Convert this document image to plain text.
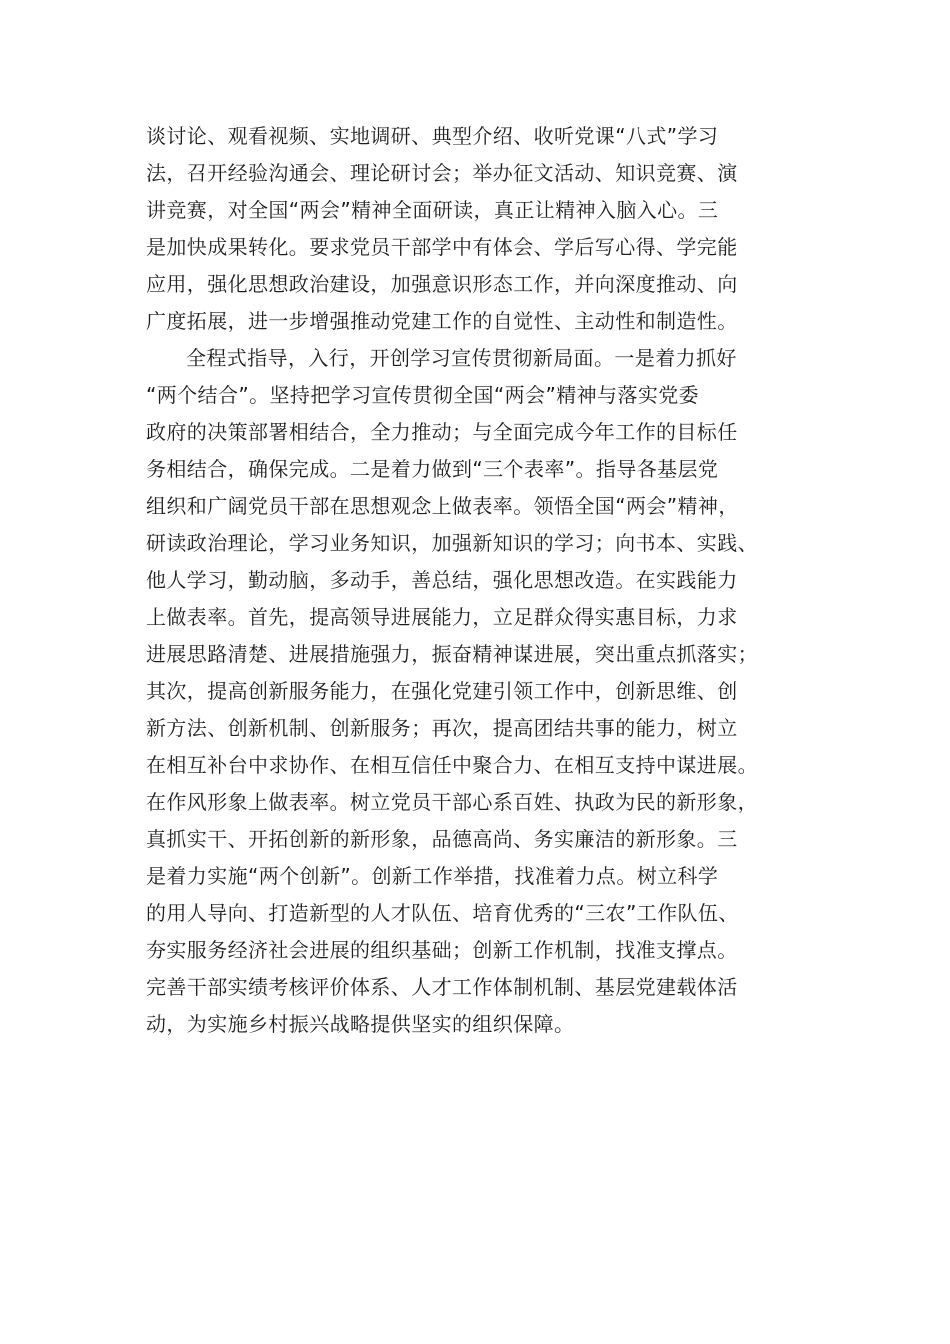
谈讨论、观看视频、实地调研、典型介绍、收听党课“八式”学习
法，召开经验沟通会、理论研讨会；举办征文活动、知识竞赛、演
讲竞赛，对全国“两会”精神全面研读，真正让精神入脑入心。三
是加快成果转化。要求党员干部学中有体会、学后写心得、学完能
应用，强化思想政治建设，加强意识形态工作，并向深度推动、向
广度拓展，进一步增强推动党建工作的自觉性、主动性和制造性。
全程式指导，入行，开创学习宣传贯彻新局面。一是着力抓好
“两个结合”。坚持把学习宣传贯彻全国“两会”精神与落实党委
政府的决策部署相结合，全力推动；与全面完成今年工作的目标任
务相结合，确保完成。二是着力做到“三个表率”。指导各基层党
组织和广阔党员干部在思想观念上做表率。领悟全国“两会”精神，
研读政治理论，学习业务知识，加强新知识的学习；向书本、实践、
他人学习，勤动脑，多动手，善总结，强化思想改造。在实践能力
上做表率。首先，提高领导进展能力，立足群众得实惠目标，力求
进展思路清楚、进展措施强力，振奋精神谋进展，突出重点抓落实；
其次，提高创新服务能力，在强化党建引领工作中，创新思维、创
新方法、创新机制、创新服务；再次，提高团结共事的能力，树立
在相互补台中求协作、在相互信任中聚合力、在相互支持中谋进展。
在作风形象上做表率。树立党员干部心系百姓、执政为民的新形象，
真抓实干、开拓创新的新形象，品德高尚、务实廉洁的新形象。三
是着力实施“两个创新”。创新工作举措，找准着力点。树立科学
的用人导向、打造新型的人才队伍、培育优秀的“三农”工作队伍、
夯实服务经济社会进展的组织基础；创新工作机制，找准支撑点。
完善干部实绩考核评价体系、人才工作体制机制、基层党建载体活
动，为实施乡村振兴战略提供坚实的组织保障。
